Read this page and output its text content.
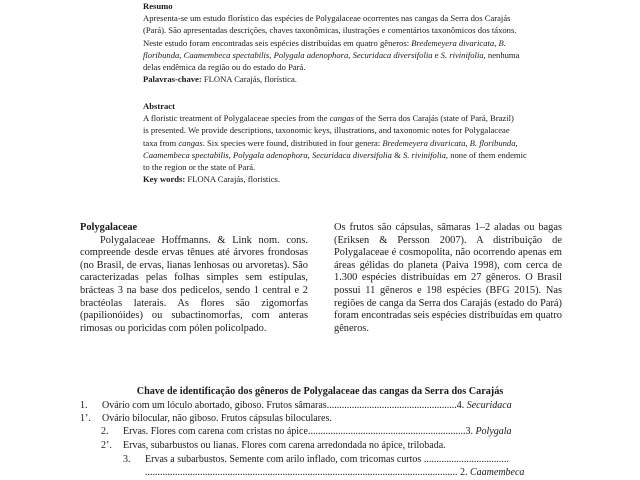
Resumo

Apresenta-se um estudo florístico das espécies de Polygalaceae ocorrentes nas cangas da Serra dos Carajás

(Pará). São apresentadas descrições, chaves taxonômicas, ilustrações e comentários taxonômicos dos táxons.

Neste estudo foram encontradas seis espécies distribuídas em quatro gêneros: Bredemeyera divaricata, B.

floribunda, Caamembeca spectabilis, Polygala adenophora, Securidaca diversifolia e S. rivinifolia, nenhuma

delas endêmica da região ou do estado do Pará.

Palavras-chave: FLONA Carajás, florística.

Abstract

A floristic treatment of Polygalaceae species from the cangas of the Serra dos Carajás (state of Pará, Brazil)

is presented. We provide descriptions, taxonomic keys, illustrations, and taxonomic notes for Polygalaceae

taxa from cangas. Six species were found, distributed in four genera: Bredemeyera divaricata, B. floribunda,

Caamembeca spectabilis, Polygala adenophora, Securidaca diversifolia & S. rivinifolia, none of them endemic

to the region or the state of Pará.

Key words: FLONA Carajás, floristics.

Polygalaceae

Polygalaceae Hoffmanns. & Link nom. cons. compreende desde ervas tênues até árvores frondosas (no Brasil, de ervas, lianas lenhosas ou arvoretas). São caracterizadas pelas folhas simples sem estípulas, brácteas 3 na base dos pedicelos, sendo 1 central e 2 bractéolas laterais. As flores são zigomorfas (papilionóides) ou subactinomorfas, com anteras rimosas ou poricidas com pólen policolpado.

Os frutos são cápsulas, sâmaras 1–2 aladas ou bagas (Eriksen & Persson 2007). A distribuição de Polygalaceae é cosmopolita, não ocorrendo apenas em áreas gélidas do planeta (Paiva 1998), com cerca de 1.300 espécies distribuídas em 27 gêneros. O Brasil possui 11 gêneros e 198 espécies (BFG 2015). Nas regiões de canga da Serra dos Carajás (estado do Pará) foram encontradas seis espécies distribuídas em quatro gêneros.

Chave de identificação dos gêneros de Polygalaceae das cangas da Serra dos Carajás
1. Ovário com um lóculo abortado, giboso. Frutos sâmaras....................................................4. Securidaca
1’. Ovário bilocular, não giboso. Frutos cápsulas biloculares.
2. Ervas. Flores com carena com cristas no ápice...............................................................3. Polygala
2’. Ervas, subarbustos ou lianas. Flores com carena arredondada no ápice, trilobada.
3. Ervas a subarbustos. Semente com arilo inflado, com tricomas curtos ..................................
............................................................................................................................. 2. Caamembeca
